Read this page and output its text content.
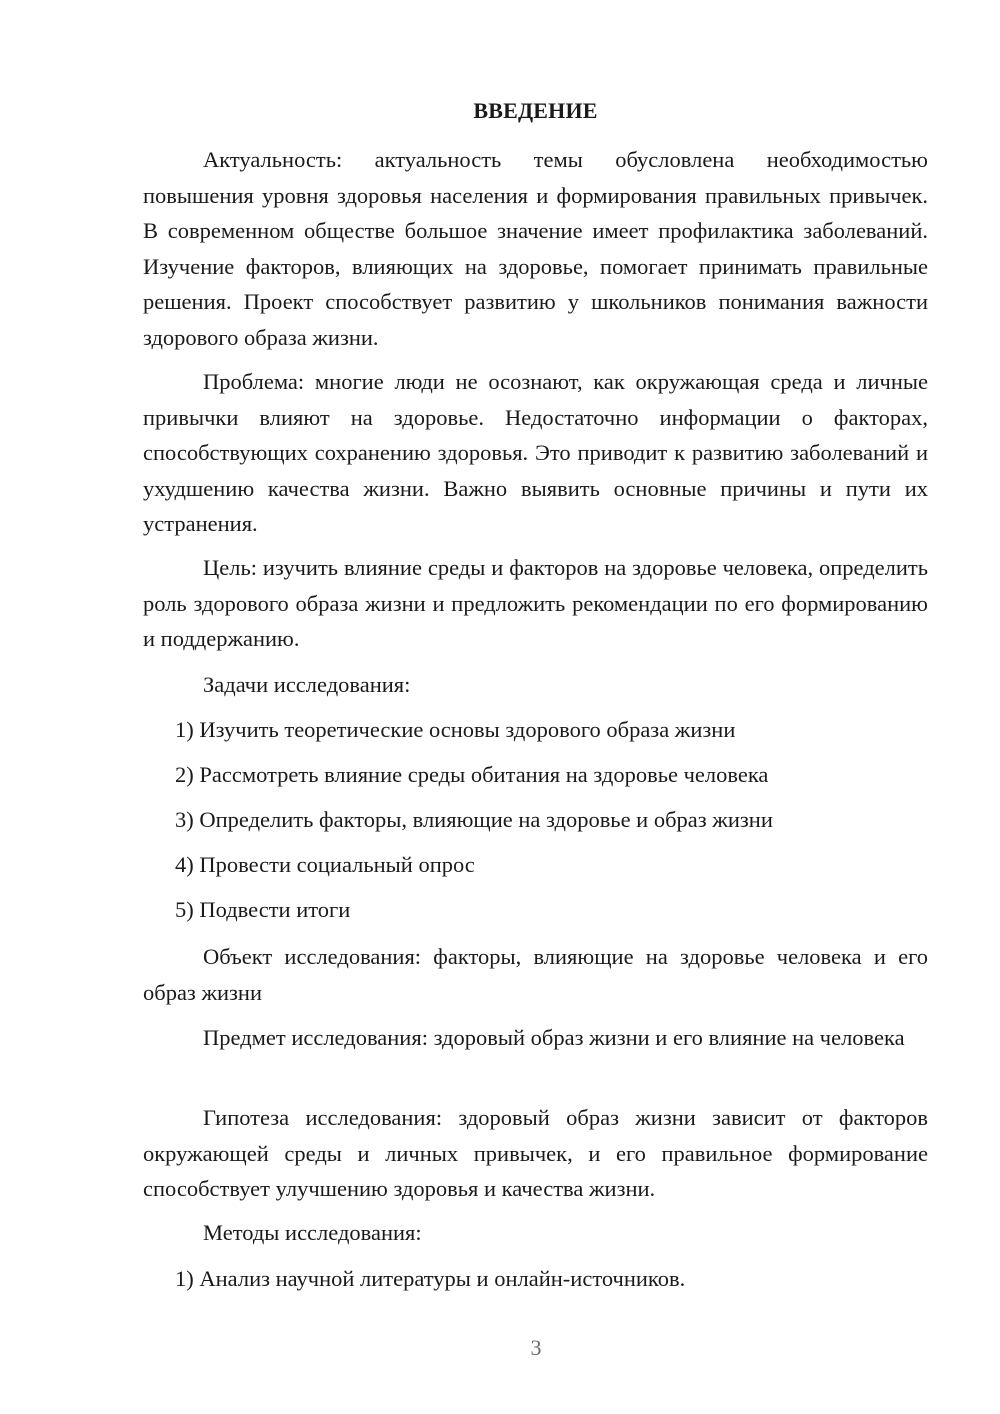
ВВЕДЕНИЕ

Актуальность: актуальность темы обусловлена необходимостью повышения уровня здоровья населения и формирования правильных привычек. В современном обществе большое значение имеет профилактика заболеваний. Изучение факторов, влияющих на здоровье, помогает принимать правильные решения. Проект способствует развитию у школьников понимания важности здорового образа жизни.

Проблема: многие люди не осознают, как окружающая среда и личные привычки влияют на здоровье. Недостаточно информации о факторах, способствующих сохранению здоровья. Это приводит к развитию заболеваний и ухудшению качества жизни. Важно выявить основные причины и пути их устранения.

Цель: изучить влияние среды и факторов на здоровье человека, определить роль здорового образа жизни и предложить рекомендации по его формированию и поддержанию.

Задачи исследования:

1) Изучить теоретические основы здорового образа жизни

2) Рассмотреть влияние среды обитания на здоровье человека

3) Определить факторы, влияющие на здоровье и образ жизни

4) Провести социальный опрос

5) Подвести итоги

Объект исследования: факторы, влияющие на здоровье человека и его образ жизни

Предмет исследования: здоровый образ жизни и его влияние на человека

Гипотеза исследования: здоровый образ жизни зависит от факторов окружающей среды и личных привычек, и его правильное формирование способствует улучшению здоровья и качества жизни.

Методы исследования:

1) Анализ научной литературы и онлайн-источников.

3
